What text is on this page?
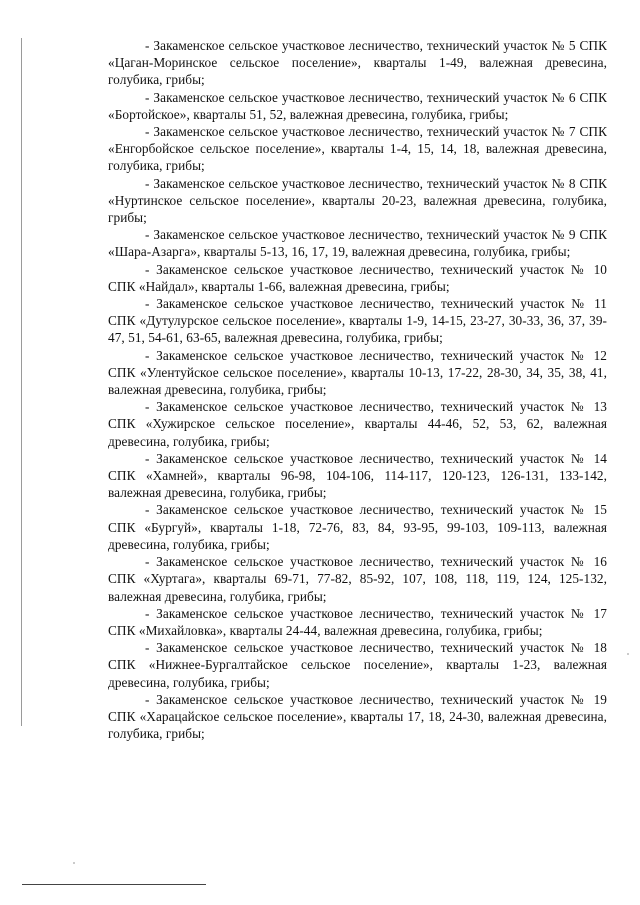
- Закаменское сельское участковое лесничество, технический участок № 5 СПК «Цаган-Моринское сельское поселение», кварталы 1-49, валежная древесина, голубика, грибы;

- Закаменское сельское участковое лесничество, технический участок № 6 СПК «Бортойское», кварталы 51, 52, валежная древесина, голубика, грибы;

- Закаменское сельское участковое лесничество, технический участок № 7 СПК «Енгорбойское сельское поселение», кварталы 1-4, 15, 14, 18, валежная древесина, голубика, грибы;

- Закаменское сельское участковое лесничество, технический участок № 8 СПК «Нуртинское сельское поселение», кварталы 20-23, валежная древесина, голубика, грибы;

- Закаменское сельское участковое лесничество, технический участок № 9 СПК «Шара-Азарга», кварталы 5-13, 16, 17, 19, валежная древесина, голубика, грибы;

- Закаменское сельское участковое лесничество, технический участок № 10 СПК «Найдал», кварталы 1-66, валежная древесина, грибы;

- Закаменское сельское участковое лесничество, технический участок № 11 СПК «Дутулурское сельское поселение», кварталы 1-9, 14-15, 23-27, 30-33, 36, 37, 39-47, 51, 54-61, 63-65, валежная древесина, голубика, грибы;

- Закаменское сельское участковое лесничество, технический участок № 12 СПК «Улентуйское сельское поселение», кварталы 10-13, 17-22, 28-30, 34, 35, 38, 41, валежная древесина, голубика, грибы;

- Закаменское сельское участковое лесничество, технический участок № 13 СПК «Хужирское сельское поселение», кварталы 44-46, 52, 53, 62, валежная древесина, голубика, грибы;

- Закаменское сельское участковое лесничество, технический участок № 14 СПК «Хамней», кварталы 96-98, 104-106, 114-117, 120-123, 126-131, 133-142, валежная древесина, голубика, грибы;

- Закаменское сельское участковое лесничество, технический участок № 15 СПК «Бургуй», кварталы 1-18, 72-76, 83, 84, 93-95, 99-103, 109-113, валежная древесина, голубика, грибы;

- Закаменское сельское участковое лесничество, технический участок № 16 СПК «Хуртага», кварталы 69-71, 77-82, 85-92, 107, 108, 118, 119, 124, 125-132, валежная древесина, голубика, грибы;

- Закаменское сельское участковое лесничество, технический участок № 17 СПК «Михайловка», кварталы 24-44, валежная древесина, голубика, грибы;

- Закаменское сельское участковое лесничество, технический участок № 18 СПК «Нижнее-Бургалтайское сельское поселение», кварталы 1-23, валежная древесина, голубика, грибы;

- Закаменское сельское участковое лесничество, технический участок № 19 СПК «Харацайское сельское поселение», кварталы 17, 18, 24-30, валежная древесина, голубика, грибы;
